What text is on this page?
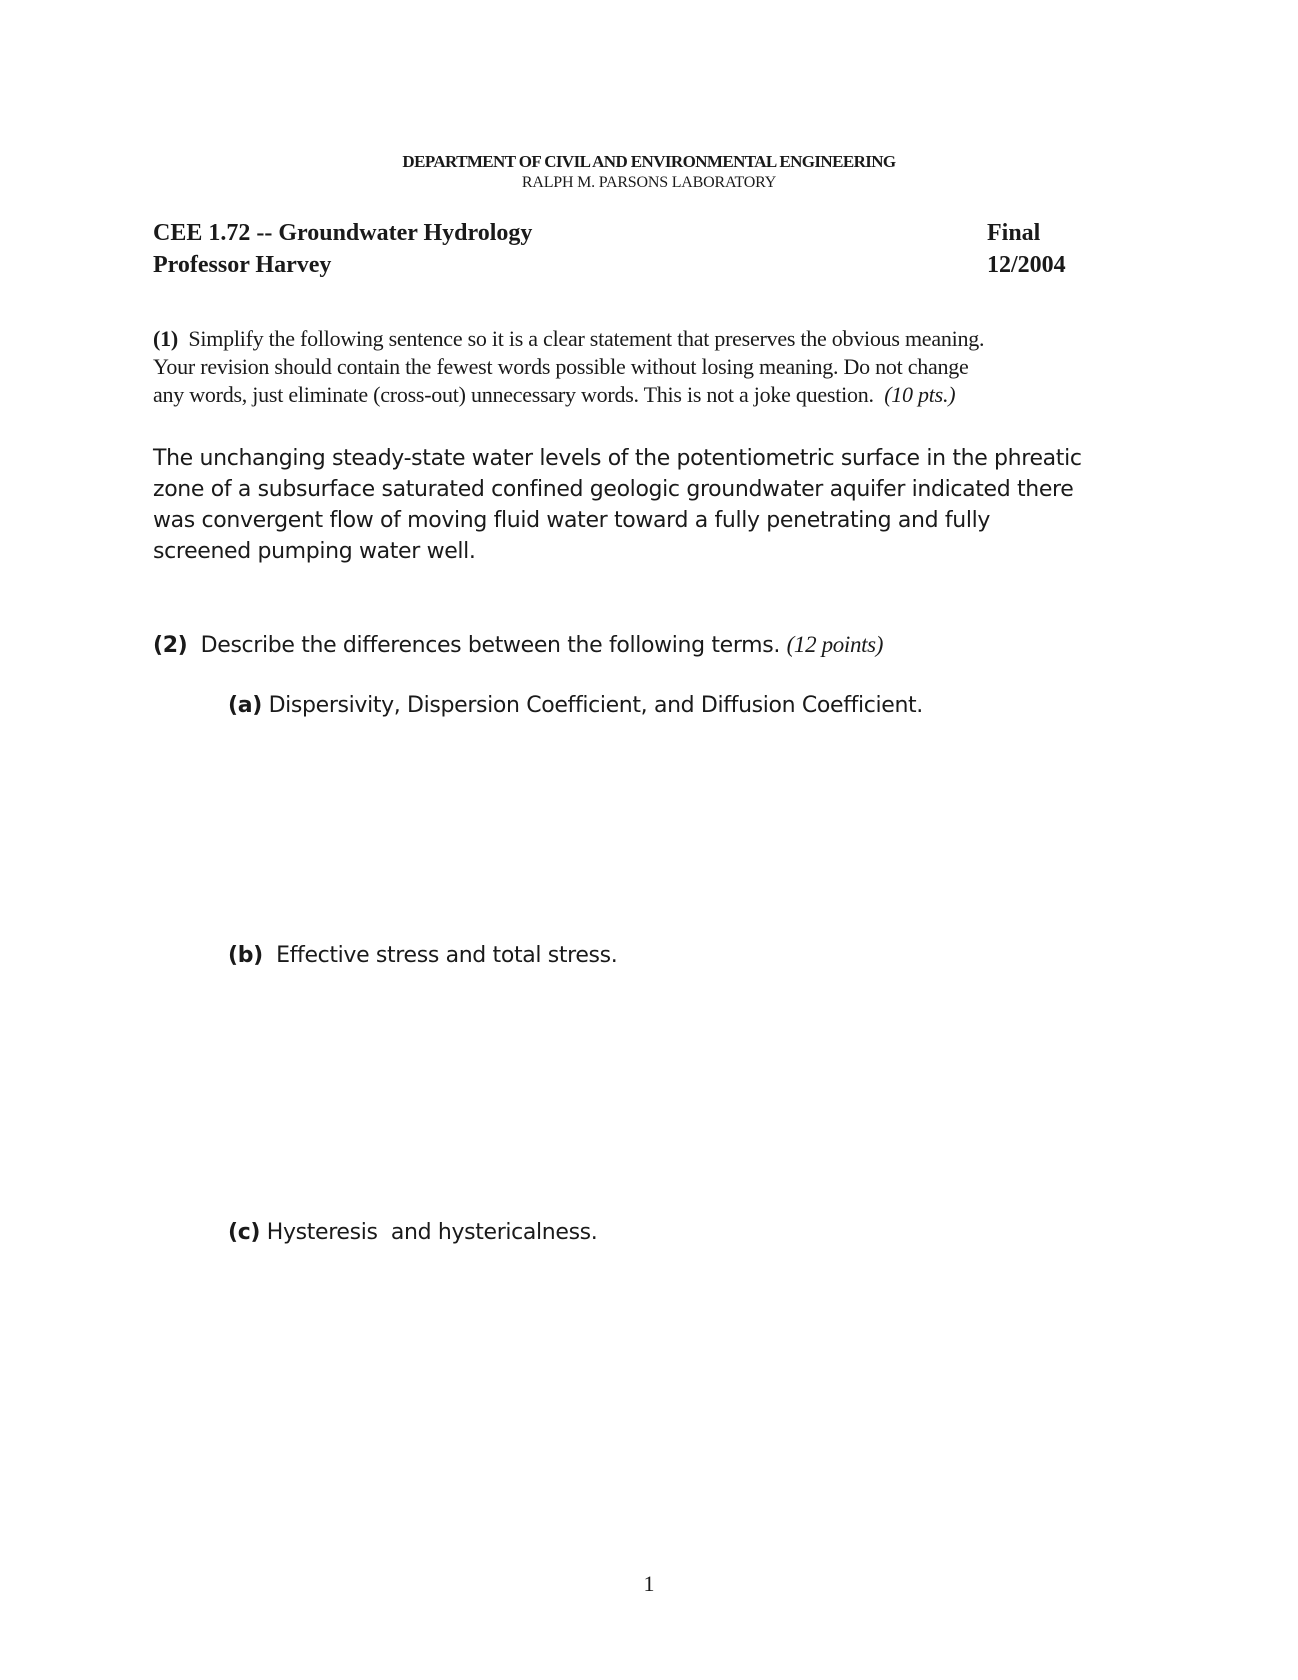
DEPARTMENT OF CIVIL AND ENVIRONMENTAL ENGINEERING
RALPH M. PARSONS LABORATORY
CEE 1.72 -- Groundwater Hydrology
Professor Harvey
Final
12/2004
(1) Simplify the following sentence so it is a clear statement that preserves the obvious meaning.
Your revision should contain the fewest words possible without losing meaning. Do not change
any words, just eliminate (cross-out) unnecessary words. This is not a joke question. (10 pts.)
The unchanging steady-state water levels of the potentiometric surface in the phreatic
zone of a subsurface saturated confined geologic groundwater aquifer indicated there
was convergent flow of moving fluid water toward a fully penetrating and fully
screened pumping water well.
(2) Describe the differences between the following terms. (12 points)
(a) Dispersivity, Dispersion Coefficient, and Diffusion Coefficient.
(b) Effective stress and total stress.
(c) Hysteresis  and hystericalness.
1
